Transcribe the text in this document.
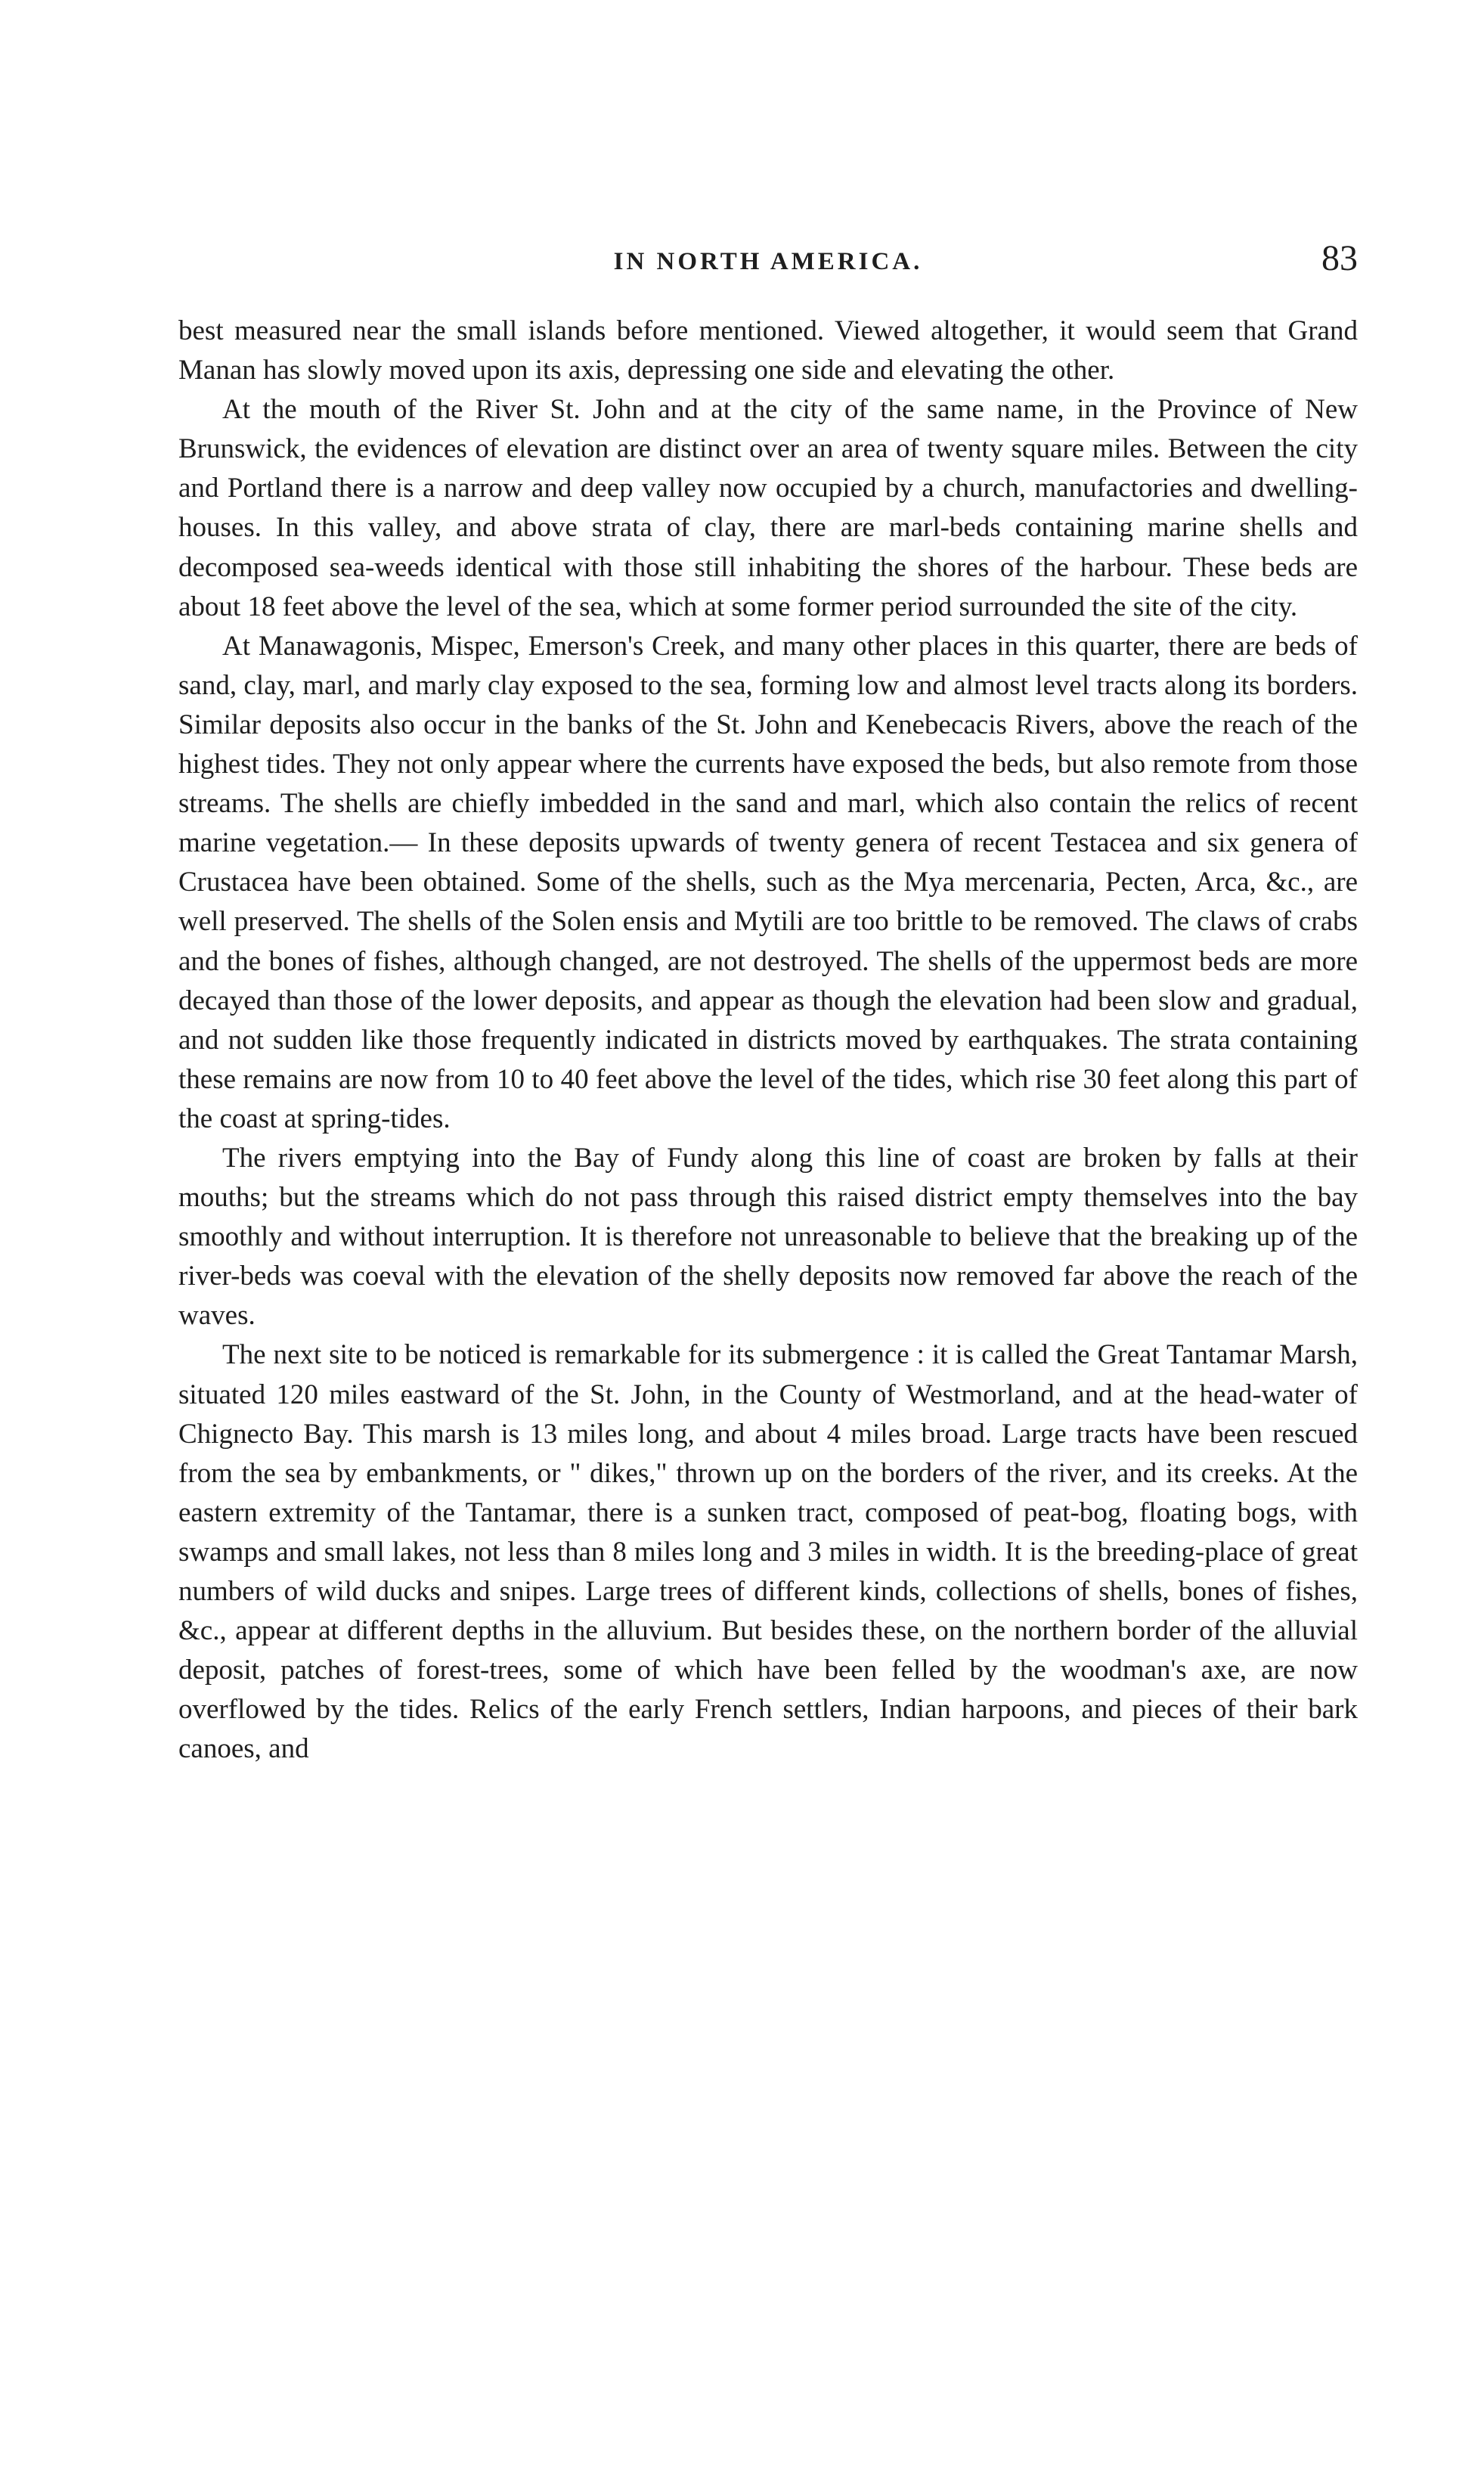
IN NORTH AMERICA.	83

best measured near the small islands before mentioned. Viewed altogether, it would seem that Grand Manan has slowly moved upon its axis, depressing one side and elevating the other.

At the mouth of the River St. John and at the city of the same name, in the Province of New Brunswick, the evidences of elevation are distinct over an area of twenty square miles. Between the city and Portland there is a narrow and deep valley now occupied by a church, manufactories and dwelling-houses. In this valley, and above strata of clay, there are marl-beds containing marine shells and decomposed sea-weeds identical with those still inhabiting the shores of the harbour. These beds are about 18 feet above the level of the sea, which at some former period surrounded the site of the city.

At Manawagonis, Mispec, Emerson's Creek, and many other places in this quarter, there are beds of sand, clay, marl, and marly clay exposed to the sea, forming low and almost level tracts along its borders. Similar deposits also occur in the banks of the St. John and Kenebecacis Rivers, above the reach of the highest tides. They not only appear where the currents have exposed the beds, but also remote from those streams. The shells are chiefly imbedded in the sand and marl, which also contain the relics of recent marine vegetation.— In these deposits upwards of twenty genera of recent Testacea and six genera of Crustacea have been obtained. Some of the shells, such as the Mya mercenaria, Pecten, Arca, &c., are well preserved. The shells of the Solen ensis and Mytili are too brittle to be removed. The claws of crabs and the bones of fishes, although changed, are not destroyed. The shells of the uppermost beds are more decayed than those of the lower deposits, and appear as though the elevation had been slow and gradual, and not sudden like those frequently indicated in districts moved by earthquakes. The strata containing these remains are now from 10 to 40 feet above the level of the tides, which rise 30 feet along this part of the coast at spring-tides.

The rivers emptying into the Bay of Fundy along this line of coast are broken by falls at their mouths; but the streams which do not pass through this raised district empty themselves into the bay smoothly and without interruption. It is therefore not unreasonable to believe that the breaking up of the river-beds was coeval with the elevation of the shelly deposits now removed far above the reach of the waves.

The next site to be noticed is remarkable for its submergence : it is called the Great Tantamar Marsh, situated 120 miles eastward of the St. John, in the County of Westmorland, and at the head-water of Chignecto Bay. This marsh is 13 miles long, and about 4 miles broad. Large tracts have been rescued from the sea by embankments, or " dikes," thrown up on the borders of the river, and its creeks. At the eastern extremity of the Tantamar, there is a sunken tract, composed of peat-bog, floating bogs, with swamps and small lakes, not less than 8 miles long and 3 miles in width. It is the breeding-place of great numbers of wild ducks and snipes. Large trees of different kinds, collections of shells, bones of fishes, &c., appear at different depths in the alluvium. But besides these, on the northern border of the alluvial deposit, patches of forest-trees, some of which have been felled by the woodman's axe, are now overflowed by the tides. Relics of the early French settlers, Indian harpoons, and pieces of their bark canoes, and
